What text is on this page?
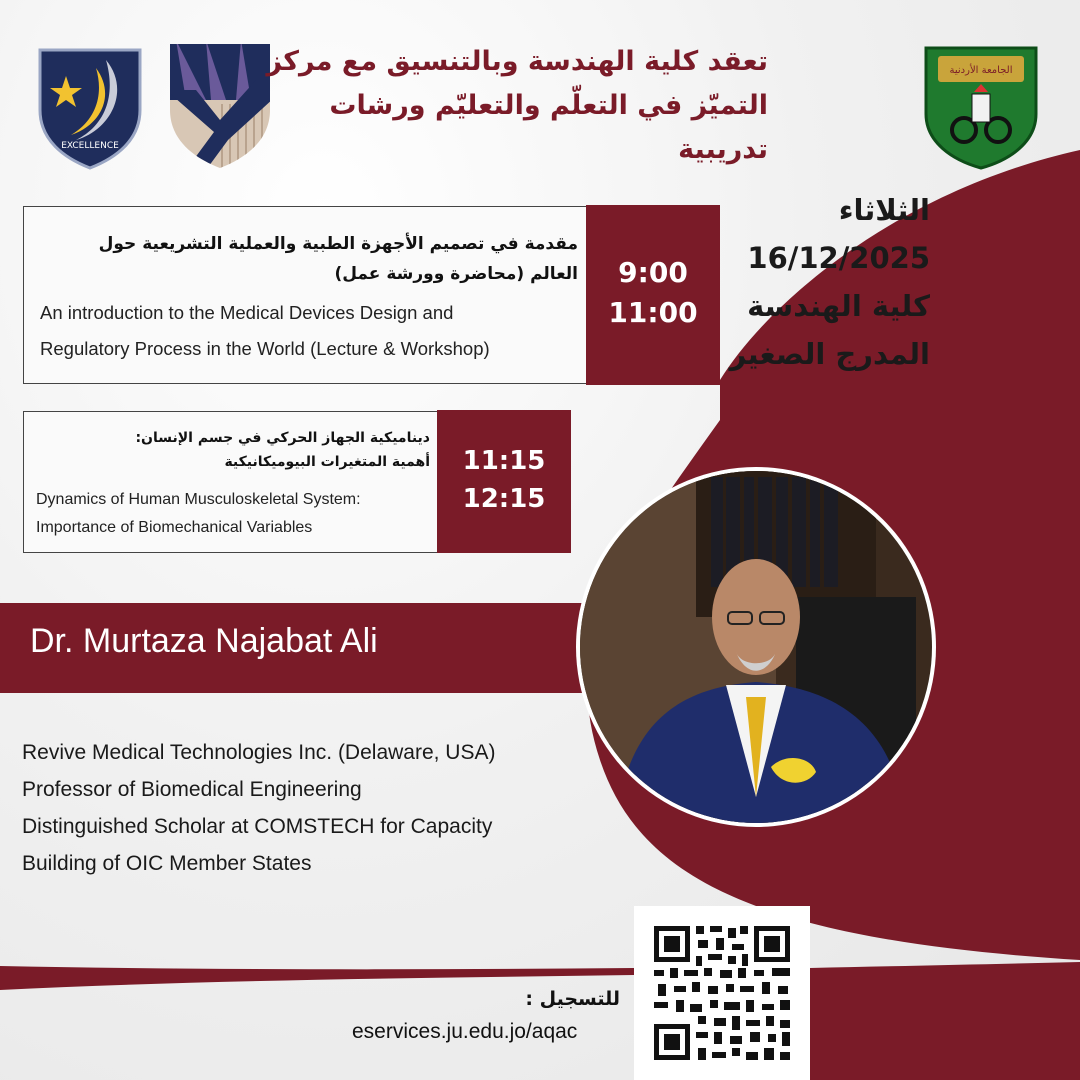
EXCELLENCE
الجامعة الأردنية
تعقد كلية الهندسة وبالتنسيق مع مركز
التميّز في التعلّم والتعليّم ورشات تدريبية
الثلاثاء
16/12/2025
كلية الهندسة
المدرج الصغير
مقدمة في تصميم الأجهزة الطبية والعملية التشريعية حول
العالم (محاضرة وورشة عمل)
An introduction to the Medical Devices Design and
Regulatory Process in the World (Lecture & Workshop)
9:00
11:00
ديناميكية الجهاز الحركي في جسم الإنسان:
أهمية المتغيرات البيوميكانيكية
Dynamics of Human Musculoskeletal System:
Importance of Biomechanical Variables
11:15
12:15
Dr. Murtaza Najabat Ali
Revive Medical Technologies Inc. (Delaware, USA)
Professor of Biomedical Engineering
Distinguished Scholar at COMSTECH for Capacity
Building of OIC Member States
للتسجيل :
eservices.ju.edu.jo/aqac
